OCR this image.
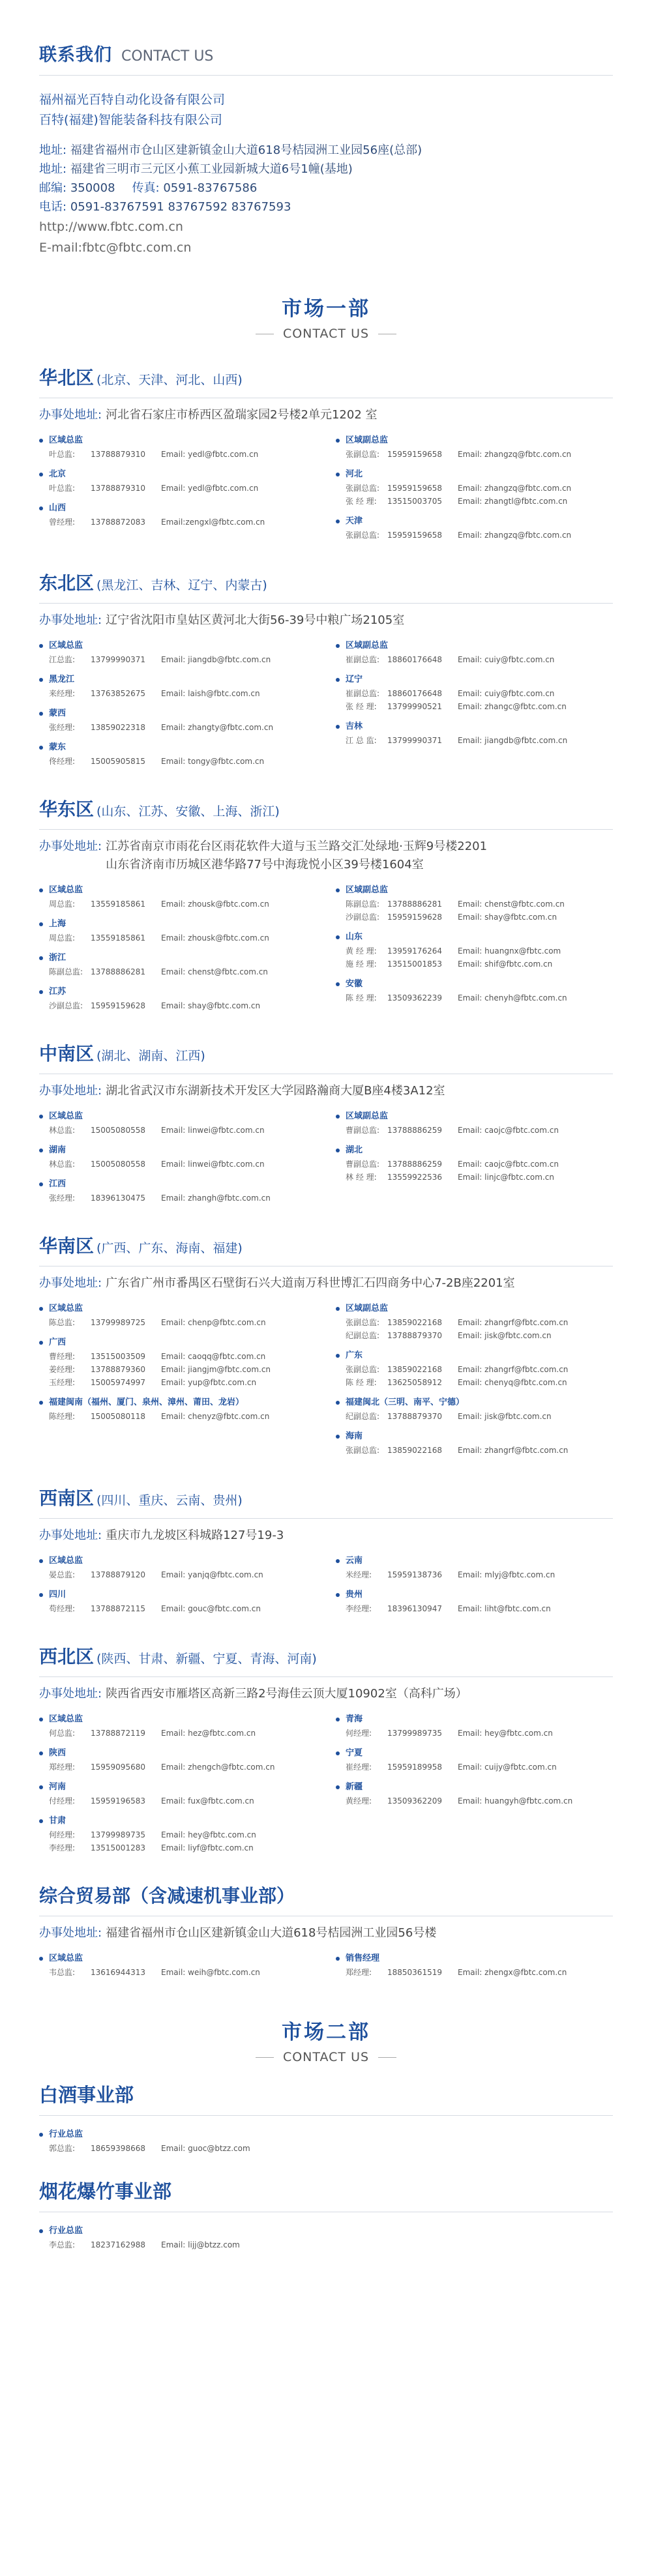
联系我们 CONTACT US
福州福光百特自动化设备有限公司
百特(福建)智能装备科技有限公司
地址: 福建省福州市仓山区建新镇金山大道618号桔园洲工业园56座(总部)
地址: 福建省三明市三元区小蕉工业园新城大道6号1幢(基地)
邮编: 350008 传真: 0591-83767586
电话: 0591-83767591 83767592 83767593
http://www.fbtc.com.cn
E-mail:fbtc@fbtc.com.cn
市场一部
CONTACT US
华北区 (北京、天津、河北、山西)
办事处地址: 河北省石家庄市桥西区盈瑞家园2号楼2单元1202 室
区域总监
叶总监:	13788879310	Email: yedl@fbtc.com.cn
北京
叶总监:	13788879310	Email: yedl@fbtc.com.cn
山西
曾经理:	13788872083	Email:zengxl@fbtc.com.cn
区域副总监
张副总监: 15959159658	Email: zhangzq@fbtc.com.cn
河北
张副总监: 15959159658	Email: zhangzq@fbtc.com.cn
张 经 理:	13515003705	Email: zhangtl@fbtc.com.cn
天津
张副总监: 15959159658	Email: zhangzq@fbtc.com.cn
东北区 (黑龙江、吉林、辽宁、内蒙古)
办事处地址: 辽宁省沈阳市皇姑区黄河北大街56-39号中粮广场2105室
区域总监
江总监:	13799990371	Email: jiangdb@fbtc.com.cn
黑龙江
来经理:	13763852675	Email: laish@fbtc.com.cn
蒙西
张经理:	13859022318	Email: zhangty@fbtc.com.cn
蒙东
佟经理:	15005905815	Email: tongy@fbtc.com.cn
区域副总监
崔副总监: 18860176648	Email: cuiy@fbtc.com.cn
辽宁
崔副总监: 18860176648	Email: cuiy@fbtc.com.cn
张 经 理:	13799990521	Email: zhangc@fbtc.com.cn
吉林
江 总 监:	13799990371	Email: jiangdb@fbtc.com.cn
华东区 (山东、江苏、安徽、上海、浙江)
办事处地址: 江苏省南京市雨花台区雨花软件大道与玉兰路交汇处绿地·玉辉9号楼2201
山东省济南市历城区港华路77号中海珑悦小区39号楼1604室
区域总监
周总监:	13559185861	Email: zhousk@fbtc.com.cn
上海
周总监:	13559185861	Email: zhousk@fbtc.com.cn
浙江
陈副总监: 13788886281	Email: chenst@fbtc.com.cn
江苏
沙副总监: 15959159628	Email: shay@fbtc.com.cn
区域副总监
陈副总监: 13788886281	Email: chenst@fbtc.com.cn
沙副总监: 15959159628	Email: shay@fbtc.com.cn
山东
黄 经 理:	13959176264	Email: huangnx@fbtc.com
施 经 理:	13515001853	Email: shif@fbtc.com.cn
安徽
陈 经 理:	13509362239	Email: chenyh@fbtc.com.cn
中南区 (湖北、湖南、江西)
办事处地址: 湖北省武汉市东湖新技术开发区大学园路瀚商大厦B座4楼3A12室
区域总监
林总监:	15005080558	Email: linwei@fbtc.com.cn
湖南
林总监:	15005080558	Email: linwei@fbtc.com.cn
江西
张经理:	18396130475	Email: zhangh@fbtc.com.cn
区域副总监
曹副总监: 13788886259	Email: caojc@fbtc.com.cn
湖北
曹副总监: 13788886259	Email: caojc@fbtc.com.cn
林 经 理:	13559922536	Email: linjc@fbtc.com.cn
华南区 (广西、广东、海南、福建)
办事处地址: 广东省广州市番禺区石壁街石兴大道南万科世博汇石四商务中心7-2B座2201室
区域总监
陈总监:	13799989725	Email: chenp@fbtc.com.cn
广西
曹经理:	13515003509	Email: caoqq@fbtc.com.cn
姜经理:	13788879360	Email: jiangjm@fbtc.com.cn
玉经理:	15005974997	Email: yup@fbtc.com.cn
福建闽南（福州、厦门、泉州、漳州、莆田、龙岩）
陈经理:	15005080118	Email: chenyz@fbtc.com.cn
区域副总监
张副总监: 13859022168	Email: zhangrf@fbtc.com.cn
纪副总监: 13788879370	Email: jisk@fbtc.com.cn
广东
张副总监: 13859022168	Email: zhangrf@fbtc.com.cn
陈 经 理:	13625058912	Email: chenyq@fbtc.com.cn
福建闽北（三明、南平、宁德）
纪副总监: 13788879370	Email: jisk@fbtc.com.cn
海南
张副总监: 13859022168	Email: zhangrf@fbtc.com.cn
西南区 (四川、重庆、云南、贵州)
办事处地址: 重庆市九龙坡区科城路127号19-3
区域总监
晏总监:	13788879120	Email: yanjq@fbtc.com.cn
四川
苟经理:	13788872115	Email: gouc@fbtc.com.cn
云南
米经理:	15959138736	Email: mlyj@fbtc.com.cn
贵州
李经理:	18396130947	Email: liht@fbtc.com.cn
西北区 (陕西、甘肃、新疆、宁夏、青海、河南)
办事处地址: 陕西省西安市雁塔区高新三路2号海佳云顶大厦10902室（高科广场）
区域总监
何总监:	13788872119	Email: hez@fbtc.com.cn
陕西
郑经理:	15959095680	Email: zhengch@fbtc.com.cn
河南
付经理:	15959196583	Email: fux@fbtc.com.cn
甘肃
何经理:	13799989735	Email: hey@fbtc.com.cn
李经理:	13515001283	Email: liyf@fbtc.com.cn
青海
何经理:	13799989735	Email: hey@fbtc.com.cn
宁夏
崔经理:	15959189958	Email: cuijy@fbtc.com.cn
新疆
黄经理:	13509362209	Email: huangyh@fbtc.com.cn
综合贸易部（含减速机事业部）
办事处地址: 福建省福州市仓山区建新镇金山大道618号桔园洲工业园56号楼
区域总监
韦总监:	13616944313	Email: weih@fbtc.com.cn
销售经理
郑经理:	18850361519	Email: zhengx@fbtc.com.cn
市场二部
CONTACT US
白酒事业部
行业总监
郭总监:	18659398668	Email: guoc@btzz.com
烟花爆竹事业部
行业总监
李总监:	18237162988	Email: lijj@btzz.com
